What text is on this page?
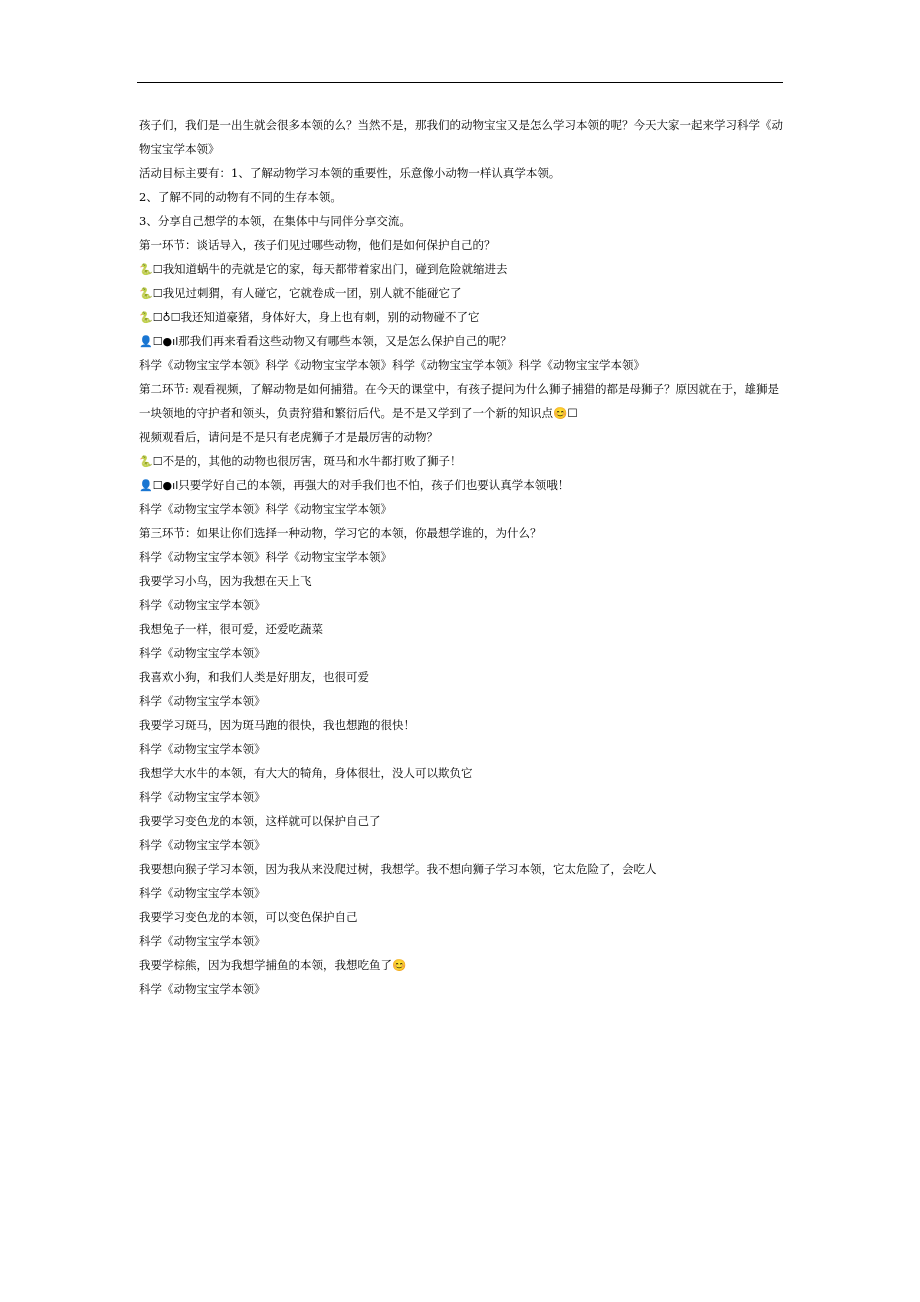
孩子们，我们是一出生就会很多本领的么？当然不是，那我们的动物宝宝又是怎么学习本领的呢？今天大家一起来学习科学《动物宝宝学本领》
活动目标主要有：1、了解动物学习本领的重要性，乐意像小动物一样认真学本领。
2、了解不同的动物有不同的生存本领。
3、分享自己想学的本领，在集体中与同伴分享交流。
第一环节：谈话导入，孩子们见过哪些动物，他们是如何保护自己的？
🐍☐我知道蜗牛的壳就是它的家，每天都带着家出门，碰到危险就缩进去
🐍☐我见过刺猬，有人碰它，它就卷成一团，别人就不能碰它了
🐍☐♁☐我还知道豪猪，身体好大，身上也有刺，别的动物碰不了它
👤☐●ıl那我们再来看看这些动物又有哪些本领，又是怎么保护自己的呢？
科学《动物宝宝学本领》科学《动物宝宝学本领》科学《动物宝宝学本领》科学《动物宝宝学本领》
第二环节: 观看视频，了解动物是如何捕猎。在今天的课堂中，有孩子提问为什么狮子捕猎的都是母狮子？原因就在于，雄狮是一块领地的守护者和领头，负责狩猎和繁衍后代。是不是又学到了一个新的知识点😊☐
视频观看后，请问是不是只有老虎狮子才是最厉害的动物？
🐍☐不是的，其他的动物也很厉害，斑马和水牛都打败了狮子！
👤☐●ıl只要学好自己的本领，再强大的对手我们也不怕，孩子们也要认真学本领哦！
科学《动物宝宝学本领》科学《动物宝宝学本领》
第三环节：如果让你们选择一种动物，学习它的本领，你最想学谁的，为什么？
科学《动物宝宝学本领》科学《动物宝宝学本领》
我要学习小鸟，因为我想在天上飞
科学《动物宝宝学本领》
我想兔子一样，很可爱，还爱吃蔬菜
科学《动物宝宝学本领》
我喜欢小狗，和我们人类是好朋友，也很可爱
科学《动物宝宝学本领》
我要学习斑马，因为斑马跑的很快，我也想跑的很快！
科学《动物宝宝学本领》
我想学大水牛的本领，有大大的犄角，身体很壮，没人可以欺负它
科学《动物宝宝学本领》
我要学习变色龙的本领，这样就可以保护自己了
科学《动物宝宝学本领》
我要想向猴子学习本领，因为我从来没爬过树，我想学。我不想向狮子学习本领，它太危险了，会吃人
科学《动物宝宝学本领》
我要学习变色龙的本领，可以变色保护自己
科学《动物宝宝学本领》
我要学棕熊，因为我想学捕鱼的本领，我想吃鱼了😊
科学《动物宝宝学本领》
